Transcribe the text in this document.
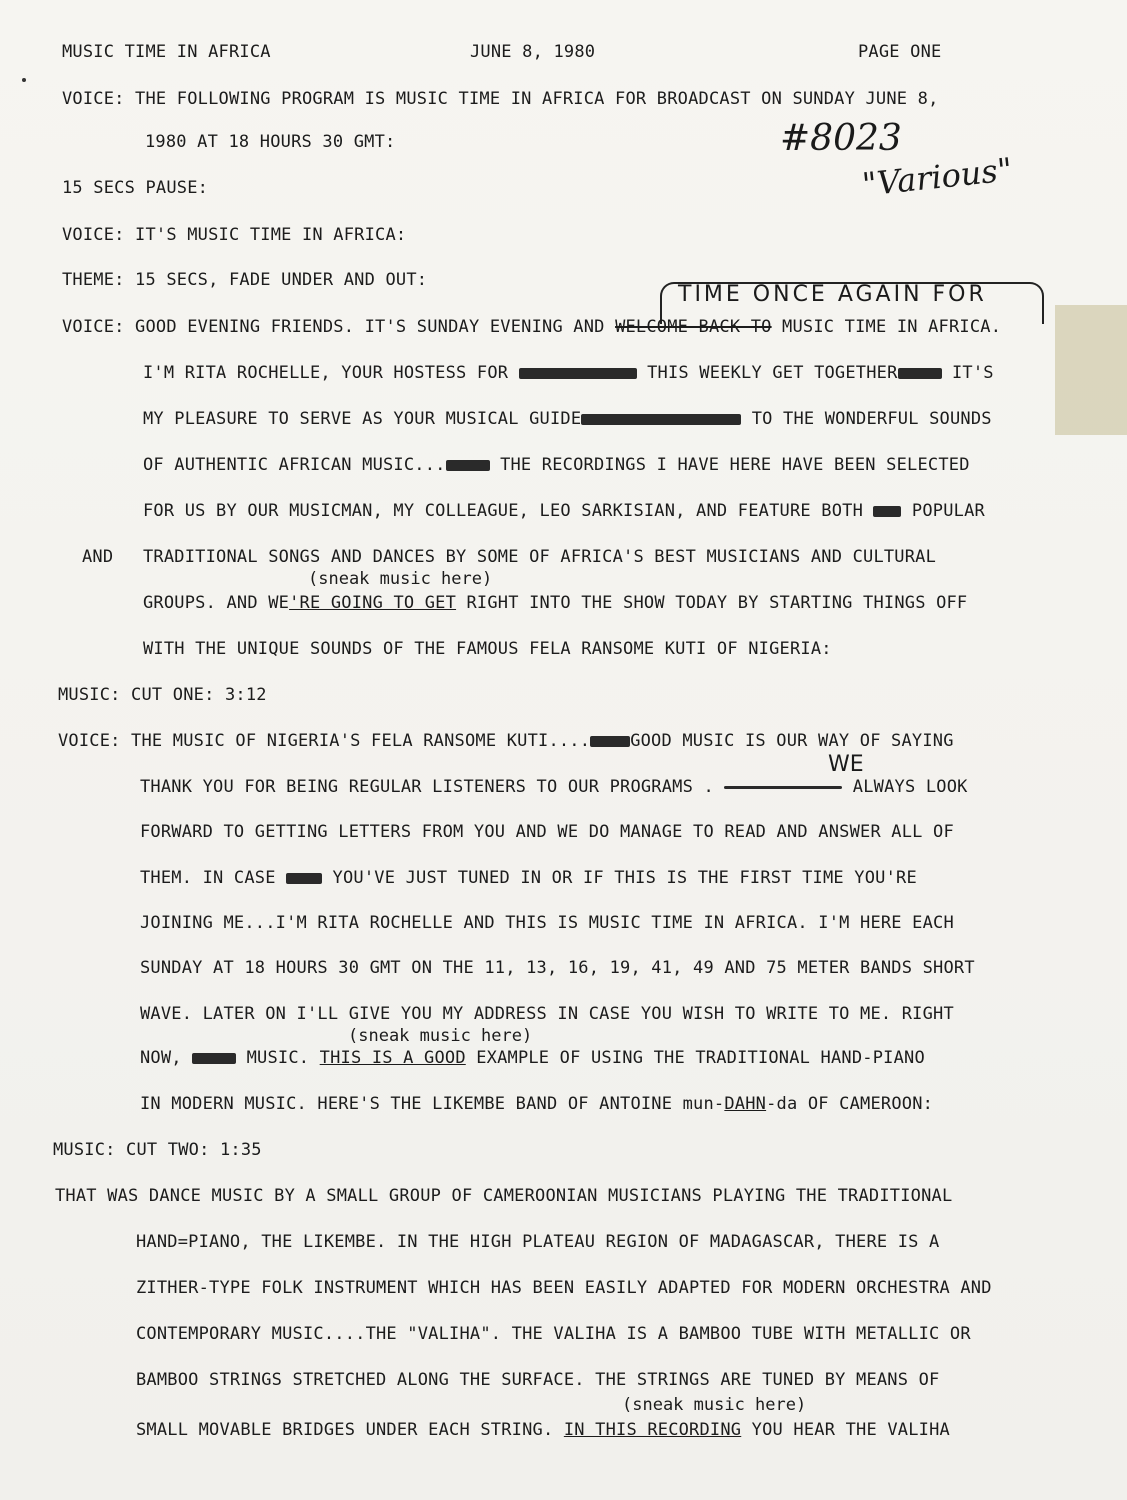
MUSIC TIME IN AFRICA	JUNE 8, 1980	PAGE ONE
#8023
"Various"
TIME ONCE AGAIN FOR
WE
VOICE: THE FOLLOWING PROGRAM IS MUSIC TIME IN AFRICA FOR BROADCAST ON SUNDAY JUNE 8,
1980 AT 18 HOURS 30 GMT:
15 SECS PAUSE:
VOICE: IT'S MUSIC TIME IN AFRICA:
THEME: 15 SECS, FADE UNDER AND OUT:
VOICE: GOOD EVENING FRIENDS. IT'S SUNDAY EVENING AND WELCOME BACK TO MUSIC TIME IN AFRICA.
I'M RITA ROCHELLE, YOUR HOSTESS FOR	THIS WEEKLY GET TOGETHER	IT'S
MY PLEASURE TO SERVE AS YOUR MUSICAL GUIDE	TO THE WONDERFUL SOUNDS
OF AUTHENTIC AFRICAN MUSIC...	THE RECORDINGS I HAVE HERE HAVE BEEN SELECTED
FOR US BY OUR MUSICMAN, MY COLLEAGUE, LEO SARKISIAN, AND FEATURE BOTH	POPULAR
AND TRADITIONAL SONGS AND DANCES BY SOME OF AFRICA'S BEST MUSICIANS AND CULTURAL
(sneak music here)
GROUPS. AND WE'RE GOING TO GET RIGHT INTO THE SHOW TODAY BY STARTING THINGS OFF
WITH THE UNIQUE SOUNDS OF THE FAMOUS FELA RANSOME KUTI OF NIGERIA:
MUSIC: CUT ONE: 3:12
VOICE: THE MUSIC OF NIGERIA'S FELA RANSOME KUTI.... GOOD MUSIC IS OUR WAY OF SAYING
THANK YOU FOR BEING REGULAR LISTENERS TO OUR PROGRAMS .	ALWAYS LOOK
FORWARD TO GETTING LETTERS FROM YOU AND WE DO MANAGE TO READ AND ANSWER ALL OF
THEM. IN CASE	YOU'VE JUST TUNED IN OR IF THIS IS THE FIRST TIME YOU'RE
JOINING ME...I'M RITA ROCHELLE AND THIS IS MUSIC TIME IN AFRICA. I'M HERE EACH
SUNDAY AT 18 HOURS 30 GMT ON THE 11, 13, 16, 19, 41, 49 AND 75 METER BANDS SHORT
WAVE. LATER ON I'LL GIVE YOU MY ADDRESS IN CASE YOU WISH TO WRITE TO ME. RIGHT
(sneak music here)
NOW,	MUSIC. THIS IS A GOOD EXAMPLE OF USING THE TRADITIONAL HAND-PIANO
IN MODERN MUSIC. HERE'S THE LIKEMBE BAND OF ANTOINE mun-DAHN-da OF CAMEROON:
MUSIC: CUT TWO: 1:35
THAT WAS DANCE MUSIC BY A SMALL GROUP OF CAMEROONIAN MUSICIANS PLAYING THE TRADITIONAL
HAND=PIANO, THE LIKEMBE. IN THE HIGH PLATEAU REGION OF MADAGASCAR, THERE IS A
ZITHER-TYPE FOLK INSTRUMENT WHICH HAS BEEN EASILY ADAPTED FOR MODERN ORCHESTRA AND
CONTEMPORARY MUSIC....THE "VALIHA". THE VALIHA IS A BAMBOO TUBE WITH METALLIC OR
BAMBOO STRINGS STRETCHED ALONG THE SURFACE. THE STRINGS ARE TUNED BY MEANS OF
(sneak music here)
SMALL MOVABLE BRIDGES UNDER EACH STRING. IN THIS RECORDING YOU HEAR THE VALIHA
